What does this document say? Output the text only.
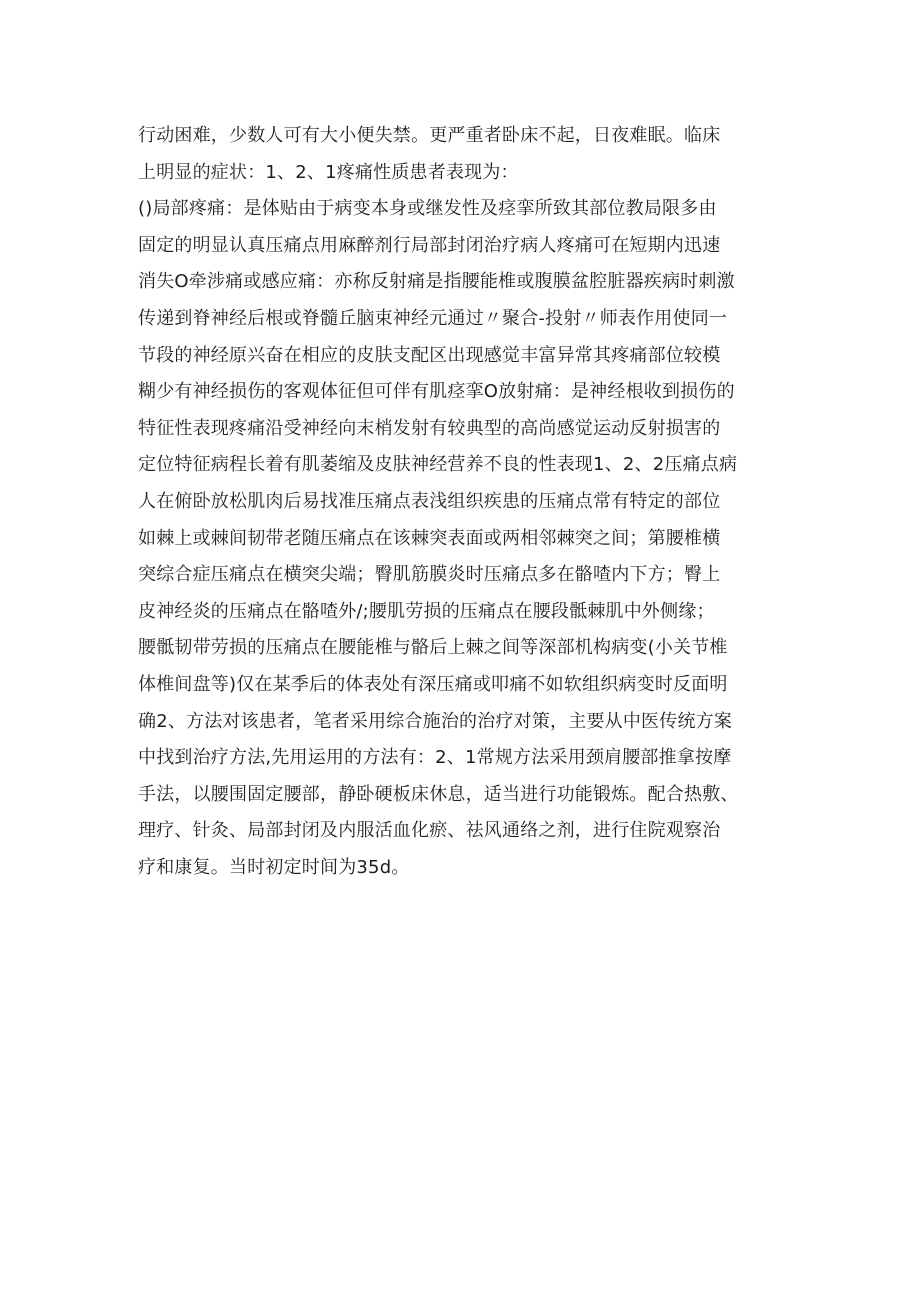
行动困难，少数人可有大小便失禁。更严重者卧床不起，日夜难眠。临床
上明显的症状：1、2、1疼痛性质患者表现为：
()局部疼痛：是体贴由于病变本身或继发性及痉挛所致其部位教局限多由
固定的明显认真压痛点用麻醉剂行局部封闭治疗病人疼痛可在短期内迅速
消失O牵涉痛或感应痛：亦称反射痛是指腰能椎或腹膜盆腔脏器疾病时刺激
传递到脊神经后根或脊髓丘脑束神经元通过〃聚合-投射〃师表作用使同一
节段的神经原兴奋在相应的皮肤支配区出现感觉丰富异常其疼痛部位较模
糊少有神经损伤的客观体征但可伴有肌痉挛O放射痛：是神经根收到损伤的
特征性表现疼痛沿受神经向末梢发射有较典型的高尚感觉运动反射损害的
定位特征病程长着有肌萎缩及皮肤神经营养不良的性表现1、2、2压痛点病
人在俯卧放松肌肉后易找准压痛点表浅组织疾患的压痛点常有特定的部位
如棘上或棘间韧带老随压痛点在该棘突表面或两相邻棘突之间；第腰椎横
突综合症压痛点在横突尖端；臀肌筋膜炎时压痛点多在骼喳内下方；臀上
皮神经炎的压痛点在骼喳外/;腰肌劳损的压痛点在腰段骶棘肌中外侧缘；
腰骶韧带劳损的压痛点在腰能椎与骼后上棘之间等深部机构病变(小关节椎
体椎间盘等)仅在某季后的体表处有深压痛或叩痛不如软组织病变时反面明
确2、方法对该患者，笔者采用综合施治的治疗对策，主要从中医传统方案
中找到治疗方法,先用运用的方法有：2、1常规方法采用颈肩腰部推拿按摩
手法，以腰围固定腰部，静卧硬板床休息，适当进行功能锻炼。配合热敷、
理疗、针灸、局部封闭及内服活血化瘀、祛风通络之剂，进行住院观察治
疗和康复。当时初定时间为35d。
